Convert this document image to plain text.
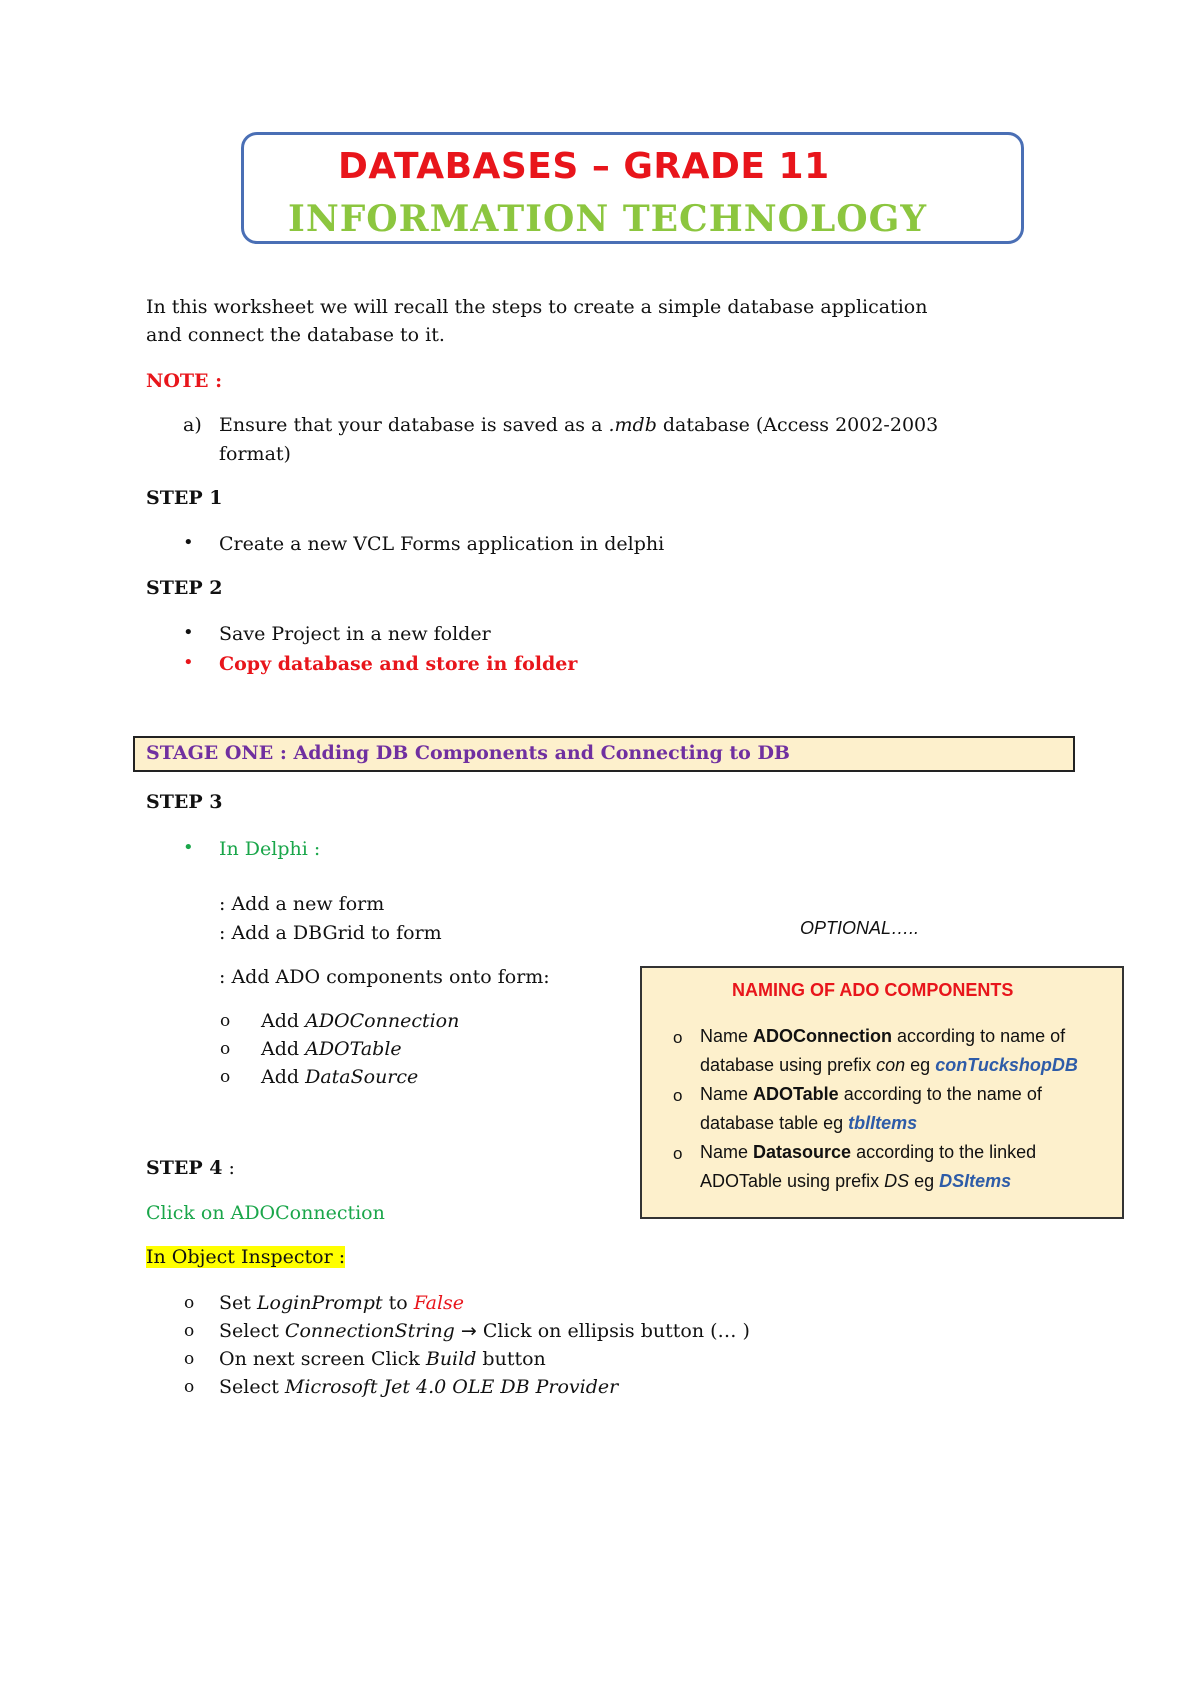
DATABASES – GRADE 11
INFORMATION TECHNOLOGY
In this worksheet we will recall the steps to create a simple database application
and connect the database to it.
NOTE :
a) Ensure that your database is saved as a .mdb database (Access 2002-2003
format)
STEP 1
• Create a new VCL Forms application in delphi
STEP 2
• Save Project in a new folder
• Copy database and store in folder
STAGE ONE : Adding DB Components and Connecting to DB
STEP 3
• In Delphi :
: Add a new form
: Add a DBGrid to form
: Add ADO components onto form:
o Add ADOConnection
o Add ADOTable
o Add DataSource
OPTIONAL…..
NAMING OF ADO COMPONENTS
o Name ADOConnection according to name of
database using prefix con eg conTuckshopDB
o Name ADOTable according to the name of
database table eg tblItems
o Name Datasource according to the linked
ADOTable using prefix DS eg DSItems
STEP 4 :
Click on ADOConnection
In Object Inspector :
o Set LoginPrompt to False
o Select ConnectionString → Click on ellipsis button (… )
o On next screen Click Build button
o Select Microsoft Jet 4.0 OLE DB Provider
